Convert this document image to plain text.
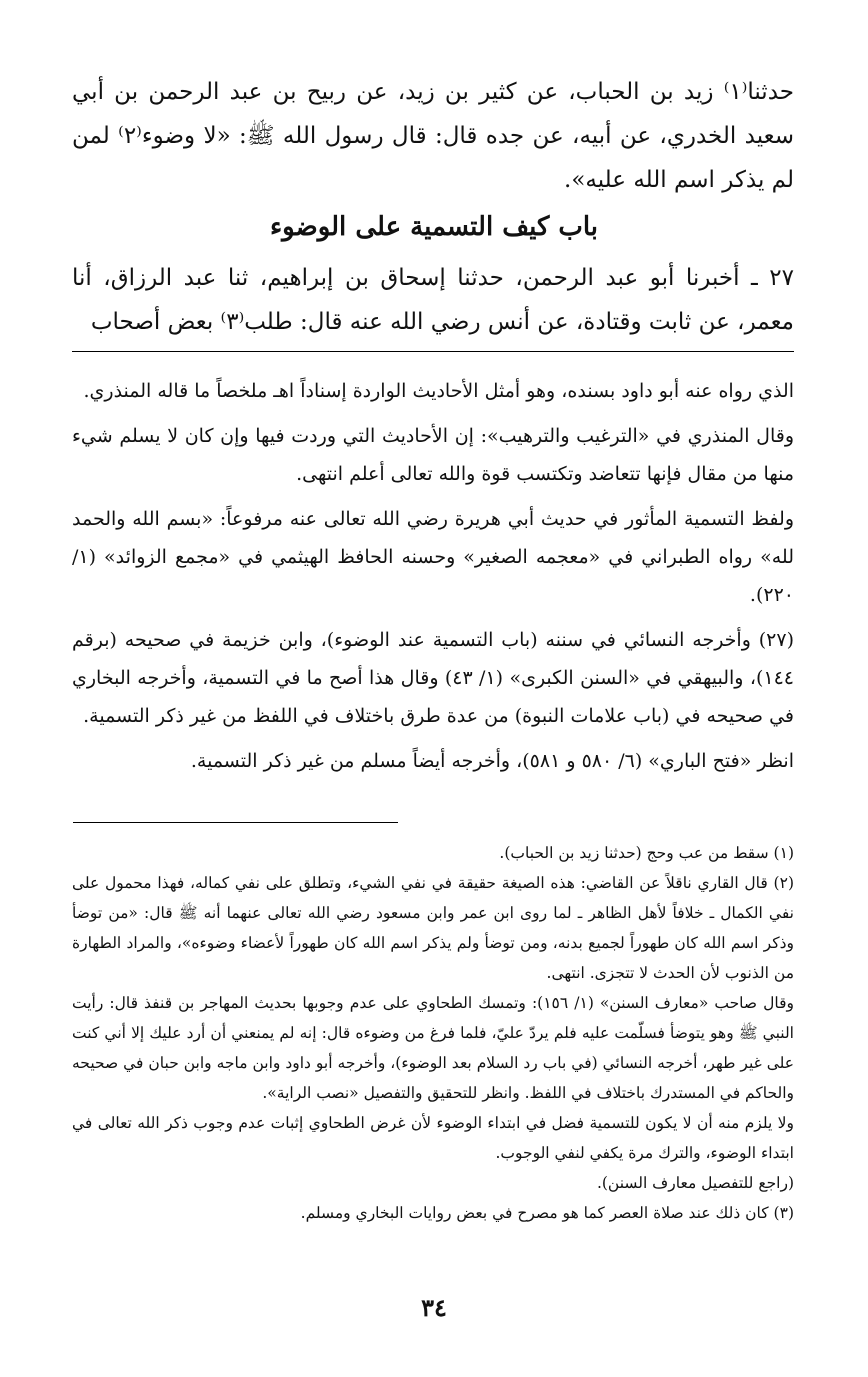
حدثنا⁽١⁾ زيد بن الحباب، عن كثير بن زيد، عن ربيح بن عبد الرحمن بن أبي سعيد الخدري، عن أبيه، عن جده قال: قال رسول الله ﷺ: «لا وضوء⁽٢⁾ لمن لم يذكر اسم الله عليه».
باب كيف التسمية على الوضوء
٢٧ ـ أخبرنا أبو عبد الرحمن، حدثنا إسحاق بن إبراهيم، ثنا عبد الرزاق، أنا معمر، عن ثابت وقتادة، عن أنس رضي الله عنه قال: طلب⁽٣⁾ بعض أصحاب

الذي رواه عنه أبو داود بسنده، وهو أمثل الأحاديث الواردة إسناداً اهـ ملخصاً ما قاله المنذري.

وقال المنذري في «الترغيب والترهيب»: إن الأحاديث التي وردت فيها وإن كان لا يسلم شيء منها من مقال فإنها تتعاضد وتكتسب قوة والله تعالى أعلم انتهى.

ولفظ التسمية المأثور في حديث أبي هريرة رضي الله تعالى عنه مرفوعاً: «بسم الله والحمد لله» رواه الطبراني في «معجمه الصغير» وحسنه الحافظ الهيثمي في «مجمع الزوائد» (١/ ٢٢٠).

(٢٧) وأخرجه النسائي في سننه (باب التسمية عند الوضوء)، وابن خزيمة في صحيحه (برقم ١٤٤)، والبيهقي في «السنن الكبرى» (١/ ٤٣) وقال هذا أصح ما في التسمية، وأخرجه البخاري في صحيحه في (باب علامات النبوة) من عدة طرق باختلاف في اللفظ من غير ذكر التسمية.

انظر «فتح الباري» (٦/ ٥٨٠ و ٥٨١)، وأخرجه أيضاً مسلم من غير ذكر التسمية.

(١) سقط من عب وحج (حدثنا زيد بن الحباب).

(٢) قال القاري ناقلاً عن القاضي: هذه الصيغة حقيقة في نفي الشيء، وتطلق على نفي كماله، فهذا محمول على نفي الكمال ـ خلافاً لأهل الظاهر ـ لما روى ابن عمر وابن مسعود رضي الله تعالى عنهما أنه ﷺ قال: «من توضأ وذكر اسم الله كان طهوراً لجميع بدنه، ومن توضأ ولم يذكر اسم الله كان طهوراً لأعضاء وضوءه»، والمراد الطهارة من الذنوب لأن الحدث لا تتجزى. انتهى.

وقال صاحب «معارف السنن» (١/ ١٥٦): وتمسك الطحاوي على عدم وجوبها بحديث المهاجر بن قنفذ قال: رأيت النبي ﷺ وهو يتوضأ فسلّمت عليه فلم يردّ عليّ، فلما فرغ من وضوءه قال: إنه لم يمنعني أن أرد عليك إلا أني كنت على غير طهر، أخرجه النسائي (في باب رد السلام بعد الوضوء)، وأخرجه أبو داود وابن ماجه وابن حبان في صحيحه والحاكم في المستدرك باختلاف في اللفظ. وانظر للتحقيق والتفصيل «نصب الراية».

ولا يلزم منه أن لا يكون للتسمية فضل في ابتداء الوضوء لأن غرض الطحاوي إثبات عدم وجوب ذكر الله تعالى في ابتداء الوضوء، والترك مرة يكفي لنفي الوجوب.

(راجع للتفصيل معارف السنن).

(٣) كان ذلك عند صلاة العصر كما هو مصرح في بعض روايات البخاري ومسلم.

٣٤
